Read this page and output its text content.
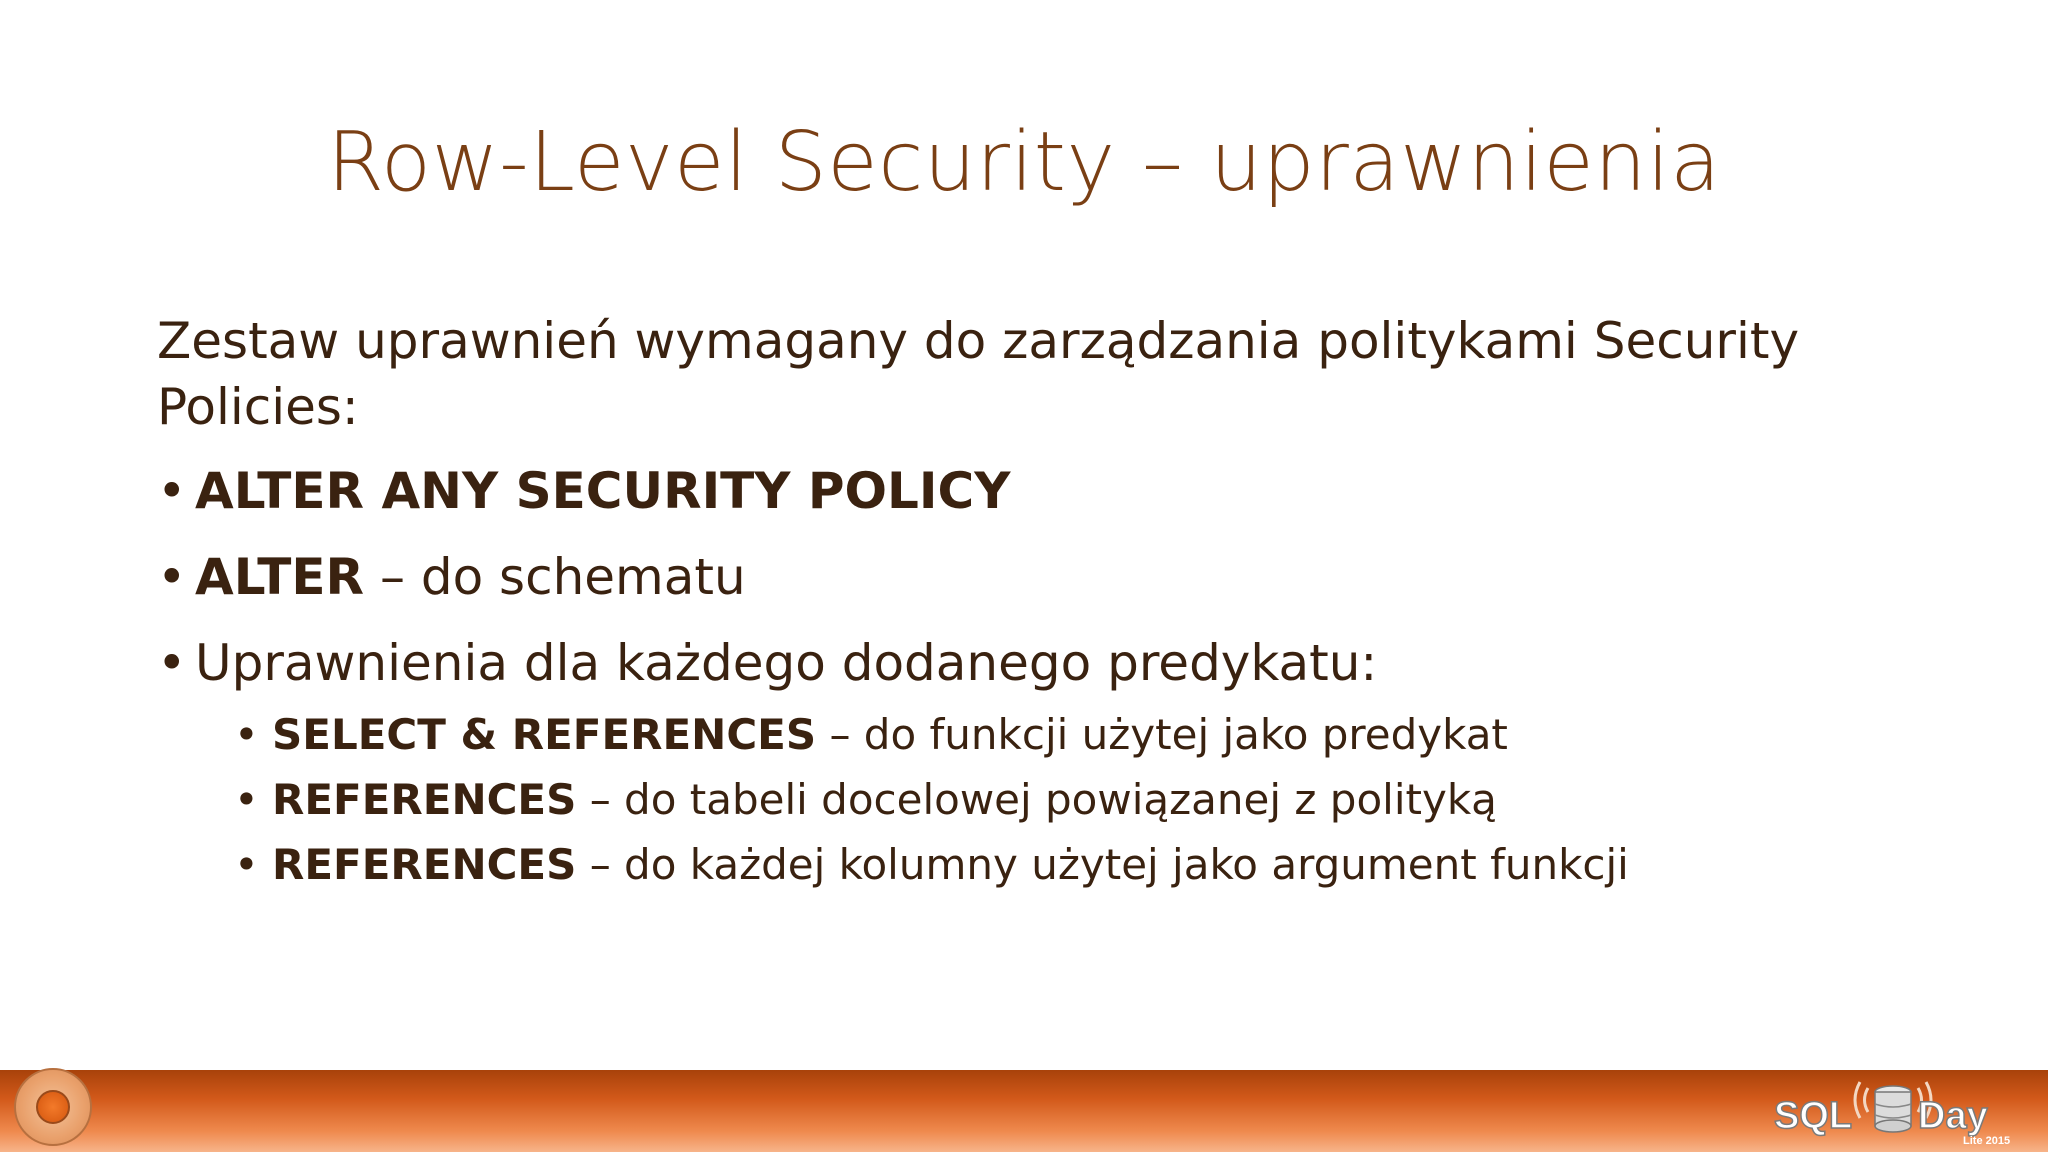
Row-Level Security – uprawnienia
Zestaw uprawnień wymagany do zarządzania politykami Security Policies:
• ALTER ANY SECURITY POLICY
• ALTER – do schematu
• Uprawnienia dla każdego dodanego predykatu:
• SELECT & REFERENCES – do funkcji użytej jako predykat
• REFERENCES – do tabeli docelowej powiązanej z polityką
• REFERENCES – do każdej kolumny użytej jako argument funkcji
SQL Day
Lite 2015
